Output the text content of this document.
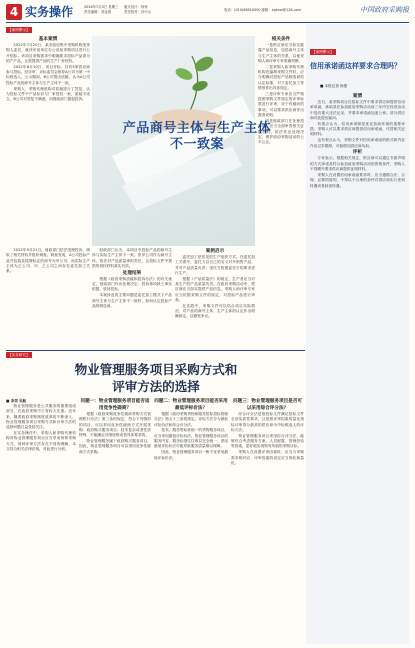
4 实务操作	2024年7月3日 星期三
责任编辑：刘金国
版式设计：杨家
责任校对：孙中山	电话：(010)68910000 邮箱：zghxw@126.com	中国政府采购报
【案例警示】
基本案情

2022年7月20日，某市政府集中采购机构受采购人委托，就该市某单位办公设备采购项目进行公开招标。该项目采购需求中明确要求投标产品需为国产产品，且需提供产品的生产厂家授权。

2022年8月10日，项目开标，共有5家供应商参与投标。经评审，评标委员会推荐A公司为第一中标候选人。公示期间，B公司提出质疑，认为A公司投标产品的商号主体与生产主体不一致。

采购人、采购代理机构对质疑进行了答复，认为投标文件中产品标识与厂家授权一致，质疑不成立。B公司对答复不满意，向财政部门提起投诉。

2022年9月21日，财政部门依法受理投诉，调取了相关材料并组织调查。调查发现，A公司投标产品外包装及铭牌标注的商号为甲公司，而实际生产主体为乙公司，甲、乙公司之间存在委托加工关系。

产品商号主体与生产主体
不一致案

财政部门认为，本项目中投标产品的商号主体与实际生产主体不一致，但甲公司作为商号主体，依法对产品质量承担责任，且投标文件中提供的授权材料真实有效。

处理结果

根据《政府采购质疑和投诉办法》的有关规定，财政部门作出处理决定：投诉事项缺乏事实依据，驳回投诉。

本案涉及的主要问题是委托加工模式下产品商号主体与生产主体不一致时，如何认定投标产品的制造商。

案例启示

委托加工是常见的生产组织方式。在委托加工关系中，委托方以自己的名义对外销售产品，并对产品质量负责；受托方按照委托方的要求进行生产。

根据《产品质量法》的规定，生产者应当对其生产的产品质量负责。在政府采购活动中，供应商应当如实提供产品信息，采购人和评审专家应当依据采购文件的规定，对投标产品进行审查。

在实践中，采购文件可以结合项目实际情况，对产品的商号主体、生产主体的认定作出明确规定，以避免争议。

相关条件

一是供应商应当如实披露产品信息，包括商号主体与生产主体的关系，以便采购人和评审专家准确判断。

二是采购人和采购代理机构在编制采购文件时，应当明确对投标产品制造商的认定标准，对于委托加工等情形作出具体规定。

三是评审专家应当严格按照采购文件规定的评审标准进行评审，对于有疑问的事项，可以要求供应商作出澄清说明。

四是财政部门在处理投诉时，应当全面审查相关证据材料，依法作出处理决定，维护政府采购活动的公平公正。

【实务研究】
物业管理服务项目采购方式和
评审方法的选择
■ 李荣 吴航

物业管理服务是公共服务的重要组成部分，在政府采购中占有较大比重。近年来，随着政府采购制度改革的不断深入，物业管理服务项目采购方式和评审方法的选择问题日益受到关注。

在实务操作中，采购人和采购代理机构对物业管理服务项目应当采用何种采购方式、何种评审方法存在不同的理解，本文结合相关法律法规，对此进行分析。

问题一：物业管理服务项目能否适用竞争性磋商？

根据《政府采购竞争性磋商采购方式管理暂行办法》第三条的规定，符合下列情形的项目，可以采用竞争性磋商方式开展采购：政府购买服务项目；技术复杂或者性质特殊，不能确定详细规格或者具体要求的。

物业管理服务属于政府购买服务项目，因此，物业管理服务项目可以适用竞争性磋商方式采购。

问题二：物业管理服务项目能否采用最低评标价法？

根据《政府采购货物和服务招标投标管理办法》第五十三条的规定，评标方法分为最低评标价法和综合评分法。

技术、服务等标准统一的货物服务项目，应当采用最低评标价法。物业管理服务项目的服务内容、服务标准往往难以完全统一，采用最低评标价法可能导致服务质量难以保障。

因此，物业管理服务项目一般不宜采用最低评标价法。

问题三：物业管理服务项目是否可以采用综合评分法？

综合评分法是指投标文件满足招标文件全部实质性要求，且按照评审因素的量化指标评审得分最高的供应商为中标候选人的评标方法。

物业管理服务项目采用综合评分法，能够综合考虑服务方案、人员配置、管理经验等因素，更好地实现物有所值的采购目标。

采购人在设置评审因素时，应当与采购需求相对应，评审因素的设定应当细化和量化。

【案例警示】
信用承诺函这样要求合理吗？
■ 本报记者 杨建
案情

近日，某采购项目在招标文件中要求供应商提供信用承诺函，承诺其在参加政府采购活动前三年内在经营活动中没有重大违法记录，并要求承诺函加盖公章。部分供应商对此提出疑问。

有观点认为，信用承诺制是优化营商环境的重要举措，采购人可以要求供应商提供信用承诺函，代替相关证明材料。

也有观点认为，采购文件对信用承诺函的格式和内容作出过多限制，可能增加供应商负担。

评析

专家表示，根据相关规定，供应商可以通过书面声明的方式承诺其符合参加政府采购活动的资格条件，采购人不得额外要求供应商提供证明材料。

采购人在设置信用承诺函要求时，应当遵循合法、合理、必要的原则，不得以不合理的条件对供应商实行差别待遇或者歧视待遇。
